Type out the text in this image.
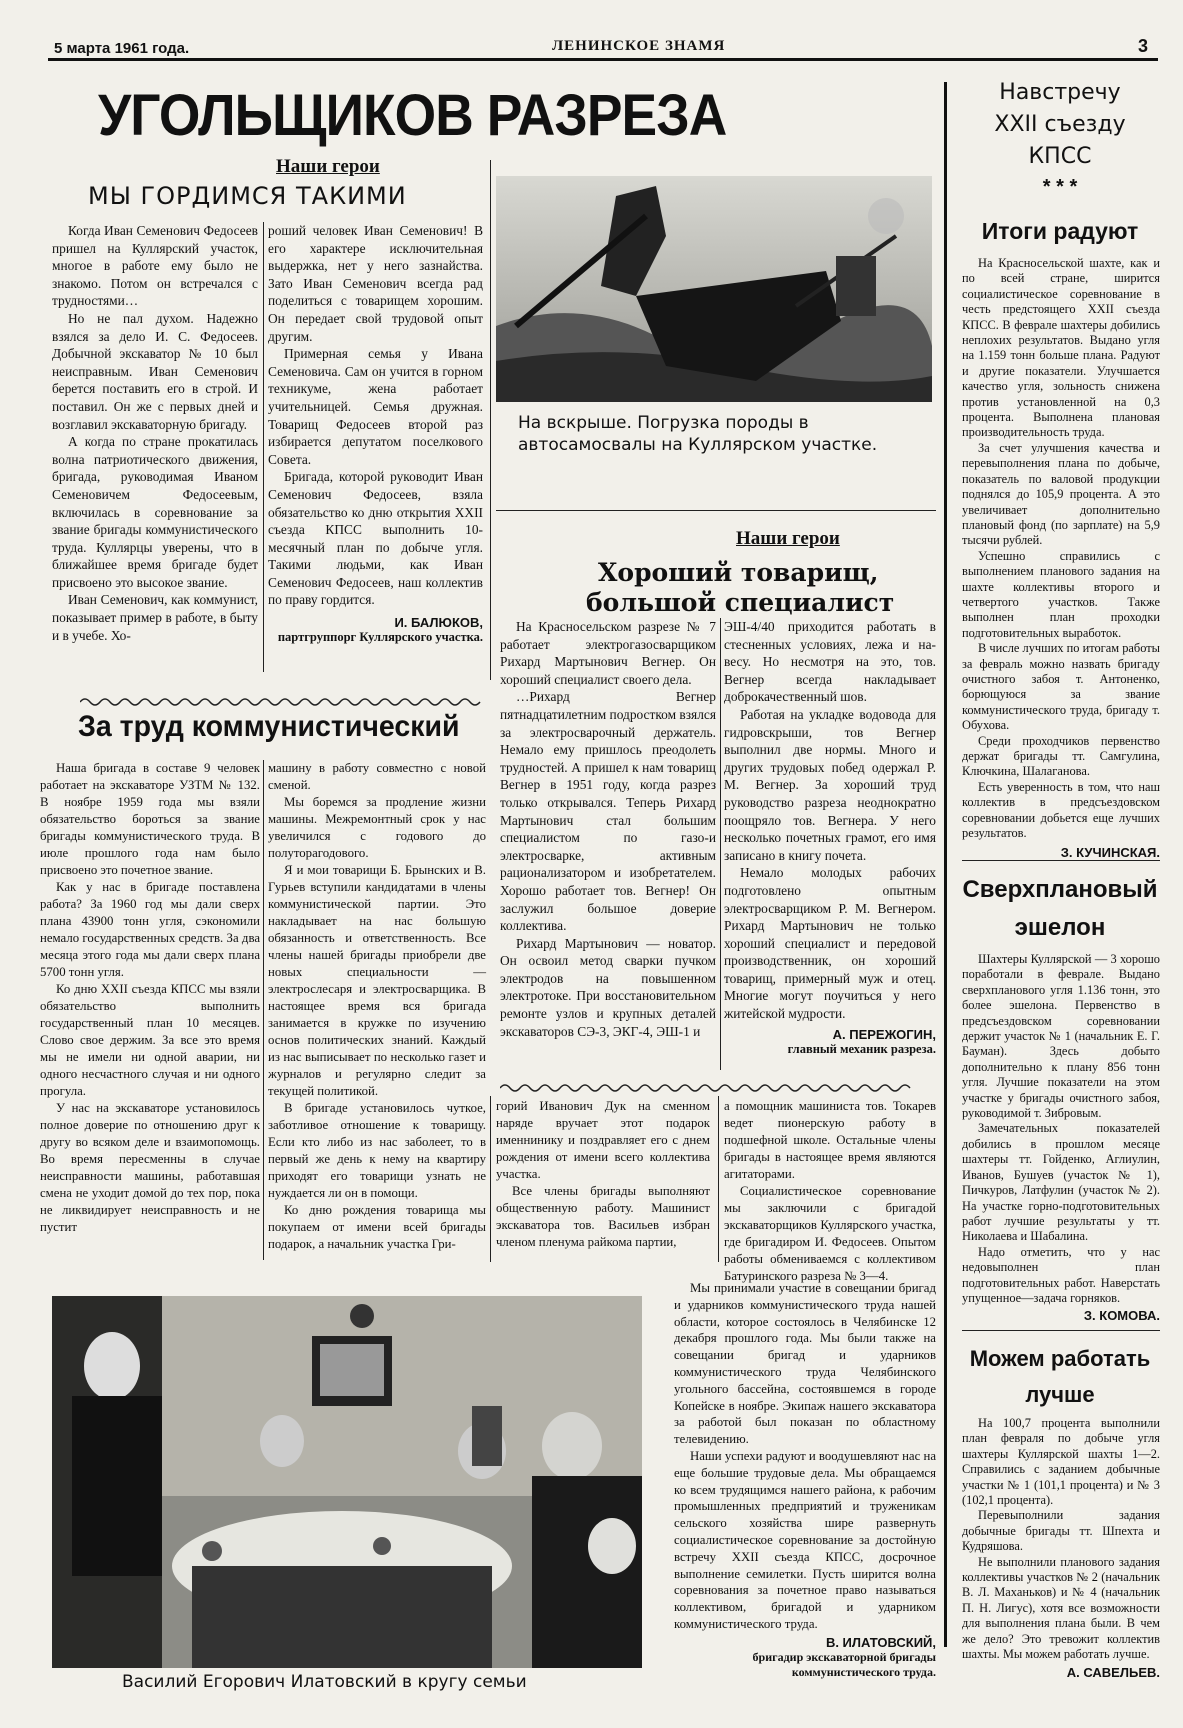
5 марта 1961 года.	ЛЕНИНСКОЕ ЗНАМЯ	3
УГОЛЬЩИКОВ РАЗРЕЗА
Наши герои
МЫ ГОРДИМСЯ ТАКИМИ

Когда Иван Семенович Федосеев пришел на Куллярский участок, многое в работе ему было не знакомо. Потом он встречался с трудностями…

Но не пал духом. Надежно взялся за дело И. С. Федосеев. Добычной экскаватор № 10 был неисправным. Иван Семенович берется поставить его в строй. И поставил. Он же с первых дней и возглавил экскаваторную бригаду.

А когда по стране прокатилась волна патриотического движения, бригада, руководимая Иваном Семеновичем Федосеевым, включилась в соревнование за звание бригады коммунистического труда. Куллярцы уверены, что в ближайшее время бригаде будет присвоено это высокое звание.

Иван Семенович, как коммунист, показывает пример в работе, в быту и в учебе. Хо-

роший человек Иван Семенович! В его характере исключительная выдержка, нет у него зазнайства. Зато Иван Семенович всегда рад поделиться с товарищем хорошим. Он передает свой трудовой опыт другим.

Примерная семья у Ивана Семеновича. Сам он учится в горном техникуме, жена работает учительницей. Семья дружная. Товарищ Федосеев второй раз избирается депутатом поселкового Совета.

Бригада, которой руководит Иван Семенович Федосеев, взяла обязательство ко дню открытия XXII съезда КПСС выполнить 10-месячный план по добыче угля. Такими людьми, как Иван Семенович Федосеев, наш коллектив по праву гордится.

И. БАЛЮКОВ,
партгруппорг Куллярского участка.
На вскрыше. Погрузка породы в автосамосвалы на Куллярском участке.
Наши герои
Хороший товарищ,
большой специалист

На Красносельском разрезе № 7 работает электрогазосварщиком Рихард Мартынович Вегнер. Он хороший специалист своего дела.

…Рихард Вегнер пятнадцатилетним подростком взялся за электросварочный держатель. Немало ему пришлось преодолеть трудностей. А пришел к нам товарищ Вегнер в 1951 году, когда разрез только открывался. Теперь Рихард Мартынович стал большим специалистом по газо-и электросварке, активным рационализатором и изобретателем. Хорошо работает тов. Вегнер! Он заслужил большое доверие коллектива.

Рихард Мартынович — новатор. Он освоил метод сварки пучком электродов на повышенном электротоке. При восстановительном ремонте узлов и крупных деталей экскаваторов СЭ-3, ЭКГ-4, ЭШ-1 и

ЭШ-4/40 приходится работать в стесненных условиях, лежа и на-весу. Но несмотря на это, тов. Вегнер всегда накладывает доброкачественный шов.

Работая на укладке водовода для гидровскрыши, тов Вегнер выполнил две нормы. Много и других трудовых побед одержал Р. М. Вегнер. За хороший труд руководство разреза неоднократно поощряло тов. Вегнера. У него несколько почетных грамот, его имя записано в книгу почета.

Немало молодых рабочих подготовлено опытным электросварщиком Р. М. Вегнером. Рихард Мартынович не только хороший специалист и передовой производственник, он хороший товарищ, примерный муж и отец. Многие могут поучиться у него житейской мудрости.

А. ПЕРЕЖОГИН,
главный механик разреза.
За труд коммунистический

Наша бригада в составе 9 человек работает на экскаваторе УЗТМ № 132. В ноябре 1959 года мы взяли обязательство бороться за звание бригады коммунистического труда. В июле прошлого года нам было присвоено это почетное звание.

Как у нас в бригаде поставлена работа? За 1960 год мы дали сверх плана 43900 тонн угля, сэкономили немало государственных средств. За два месяца этого года мы дали сверх плана 5700 тонн угля.

Ко дню XXII съезда КПСС мы взяли обязательство выполнить государственный план 10 месяцев. Слово свое держим. За все это время мы не имели ни одной аварии, ни одного несчастного случая и ни одного прогула.

У нас на экскаваторе установилось полное доверие по отношению друг к другу во всяком деле и взаимопомощь. Во время пересменны в случае неисправности машины, работавшая смена не уходит домой до тех пор, пока не ликвидирует неисправность и не пустит

машину в работу совместно с новой сменой.

Мы боремся за продление жизни машины. Межремонтный срок у нас увеличился с годового до полуторагодового.

Я и мои товарищи Б. Брынских и В. Гурьев вступили кандидатами в члены коммунистической партии. Это накладывает на нас большую обязанность и ответственность. Все члены нашей бригады приобрели две новых специальности — электрослесаря и электросварщика. В настоящее время вся бригада занимается в кружке по изучению основ политических знаний. Каждый из нас выписывает по несколько газет и журналов и регулярно следит за текущей политикой.

В бригаде установилось чуткое, заботливое отношение к товарищу. Если кто либо из нас заболеет, то в первый же день к нему на квартиру приходят его товарищи узнать не нуждается ли он в помощи.

Ко дню рождения товарища мы покупаем от имени всей бригады подарок, а начальник участка Гри-

горий Иванович Дук на сменном наряде вручает этот подарок именнинику и поздравляет его с днем рождения от имени всего коллектива участка.

Все члены бригады выполняют общественную работу. Машинист экскаватора тов. Васильев избран членом пленума райкома партии,

а помощник машиниста тов. Токарев ведет пионерскую работу в подшефной школе. Остальные члены бригады в настоящее время являются агитаторами.

Социалистическое соревнование мы заключили с бригадой экскаваторщиков Куллярского участка, где бригадиром И. Федосеев. Опытом работы обмениваемся с коллективом Батуринского разреза № 3—4.

Мы принимали участие в совещании бригад и ударников коммунистического труда нашей области, которое состоялось в Челябинске 12 декабря прошлого года. Мы были также на совещании бригад и ударников коммунистического труда Челябинского угольного бассейна, состоявшемся в городе Копейске в ноябре. Экипаж нашего экскаватора за работой был показан по областному телевидению.

Наши успехи радуют и воодушевляют нас на еще большие трудовые дела. Мы обращаемся ко всем трудящимся нашего района, к рабочим промышленных предприятий и труженикам сельского хозяйства шире развернуть социалистическое соревнование за достойную встречу XXII съезда КПСС, досрочное выполнение семилетки. Пусть ширится волна соревнования за почетное право называться коллективом, бригадой и ударником коммунистического труда.

В. ИЛАТОВСКИЙ,
бригадир экскаваторной бригады коммунистического труда.
Василий Егорович Илатовский в кругу семьи
Навстречу
XXII съезду
КПСС
* * *
Итоги радуют

На Красносельской шахте, как и по всей стране, ширится социалистическое соревнование в честь предстоящего XXII съезда КПСС. В феврале шахтеры добились неплохих результатов. Выдано угля на 1.159 тонн больше плана. Радуют и другие показатели. Улучшается качество угля, зольность снижена против установленной на 0,3 процента. Выполнена плановая производительность труда.

За счет улучшения качества и перевыполнения плана по добыче, показатель по валовой продукции поднялся до 105,9 процента. А это увеличивает дополнительно плановый фонд (по зарплате) на 5,9 тысячи рублей.

Успешно справились с выполнением планового задания на шахте коллективы второго и четвертого участков. Также выполнен план проходки подготовительных выработок.

В числе лучших по итогам работы за февраль можно назвать бригаду очистного забоя т. Антоненко, борющуюся за звание коммунистического труда, бригаду т. Обухова.

Среди проходчиков первенство держат бригады тт. Самгулина, Ключкина, Шалаганова.

Есть уверенность в том, что наш коллектив в предсъездовском соревновании добьется еще лучших результатов.

З. КУЧИНСКАЯ.
Сверхплановый
эшелон

Шахтеры Куллярской — 3 хорошо поработали в феврале. Выдано сверхпланового угля 1.136 тонн, это более эшелона. Первенство в предсъездовском соревновании держит участок № 1 (начальник Е. Г. Бауман). Здесь добыто дополнительно к плану 856 тонн угля. Лучшие показатели на этом участке у бригады очистного забоя, руководимой т. Зибровым.

Замечательных показателей добились в прошлом месяце шахтеры тт. Гойденко, Аглиулин, Иванов, Бушуев (участок № 1), Пичкуров, Латфулин (участок № 2). На участке горно-подготовительных работ лучшие результаты у тт. Николаева и Шабалина.

Надо отметить, что у нас недовыполнен план подготовительных работ. Наверстать упущенное—задача горняков.

З. КОМОВА.
Можем работать
лучше

На 100,7 процента выполнили план февраля по добыче угля шахтеры Куллярской шахты 1—2. Справились с заданием добычные участки № 1 (101,1 процента) и № 3 (102,1 процента).

Перевыполнили задания добычные бригады тт. Шпехта и Кудряшова.

Не выполнили планового задания коллективы участков № 2 (начальник В. Л. Маханьков) и № 4 (начальник П. Н. Лигус), хотя все возможности для выполнения плана были. В чем же дело? Это тревожит коллектив шахты. Мы можем работать лучше.

А. САВЕЛЬЕВ.
